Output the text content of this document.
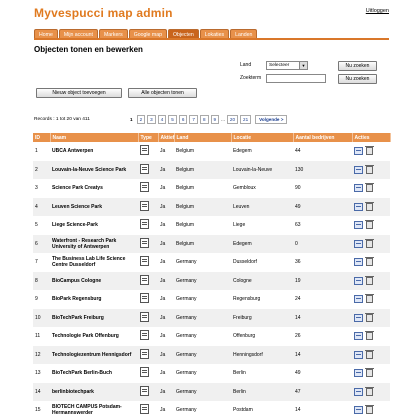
Myvespucci map admin	Uitloggen
Home	Mijn account	Markers	Google map	Objecten	Lokaties	Landen
Objecten tonen en bewerken
Land	Selecteer	▼	Nu zoeken
Zoekterm	Nu zoeken
Nieuw object toevoegen	Alle objecten tonen
Records : 1 tot 20 van 411	1	2	3	4	5	6	7	8	9	...	20	21	Volgende >
ID	Naam	Type	Aktief	Land	Locatie	Aantal bedrijven	Acties
1	UBCA Antwerpen		Ja	Belgium	Edegem	44	
2	Louvain-la-Neuve Science Park		Ja	Belgium	Louvain-la-Neuve	130	
3	Science Park Creatys		Ja	Belgium	Gembloux	90	
4	Leuven Science Park		Ja	Belgium	Leuven	49	
5	Liege Science-Park		Ja	Belgium	Liege	63	
6	Waterfront - Research Park University of Antwerpen		Ja	Belgium	Edegem	0	
7	The Business Lab Life Science Centre Dusseldorf		Ja	Germany	Dusseldorf	36	
8	BioCampus Cologne		Ja	Germany	Cologne	19	
9	BioPark Regensburg		Ja	Germany	Regensburg	24	
10	BioTechPark Freiburg		Ja	Germany	Freiburg	14	
11	Technologie Park Offenburg		Ja	Germany	Offenburg	26	
12	Technologiezentrum Hennigsdorf		Ja	Germany	Henningsdorf	14	
13	BioTechPark Berlin-Buch		Ja	Germany	Berlin	49	
14	berlinbiotechpark		Ja	Germany	Berlin	47	
15	BIOTECH CAMPUS Potsdam-Hermannswerder		Ja	Germany	Postdam	14	
